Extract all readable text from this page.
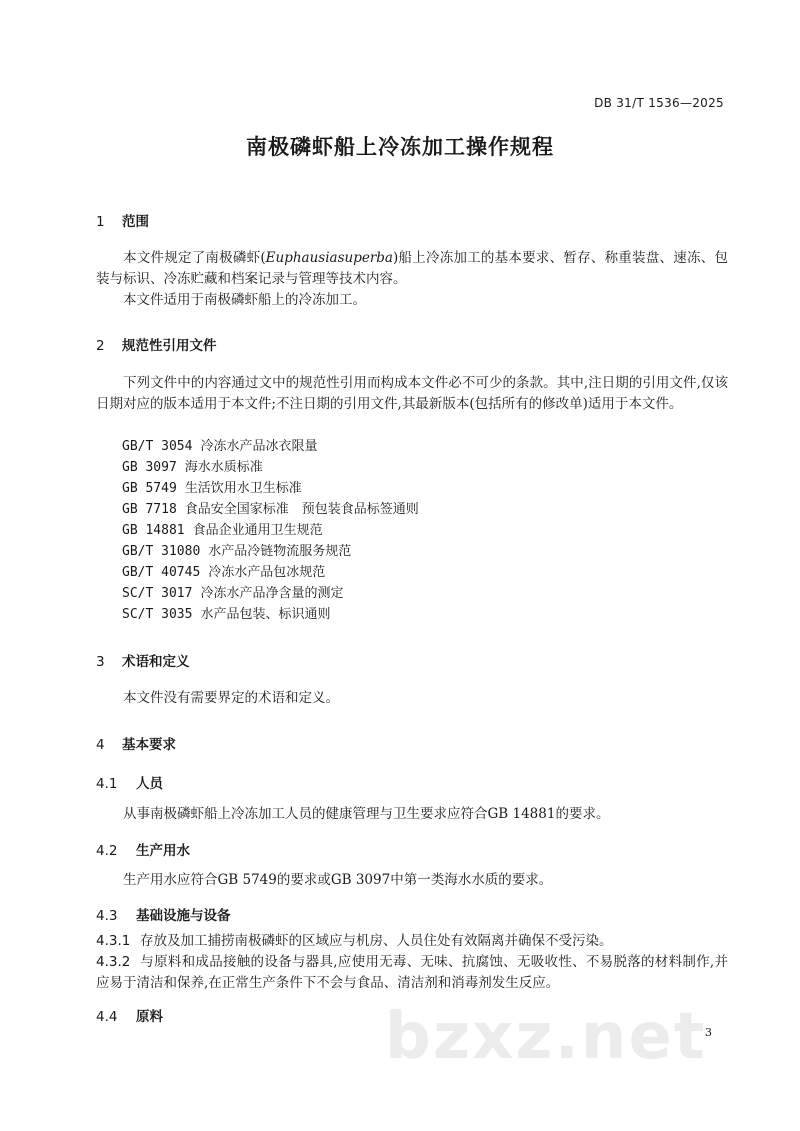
DB 31/T 1536—2025
南极磷虾船上冷冻加工操作规程
1 范围
本文件规定了南极磷虾(Euphausiasuperba)船上冷冻加工的基本要求、暂存、称重装盘、速冻、包装与标识、冷冻贮藏和档案记录与管理等技术内容。
本文件适用于南极磷虾船上的冷冻加工。
2 规范性引用文件
下列文件中的内容通过文中的规范性引用而构成本文件必不可少的条款。其中,注日期的引用文件,仅该日期对应的版本适用于本文件;不注日期的引用文件,其最新版本(包括所有的修改单)适用于本文件。
GB/T 3054 冷冻水产品冰衣限量
GB 3097 海水水质标准
GB 5749 生活饮用水卫生标准
GB 7718 食品安全国家标准　预包装食品标签通则
GB 14881 食品企业通用卫生规范
GB/T 31080 水产品冷链物流服务规范
GB/T 40745 冷冻水产品包冰规范
SC/T 3017 冷冻水产品净含量的测定
SC/T 3035 水产品包装、标识通则
3 术语和定义
本文件没有需要界定的术语和定义。
4 基本要求
4.1 人员
从事南极磷虾船上冷冻加工人员的健康管理与卫生要求应符合GB 14881的要求。
4.2 生产用水
生产用水应符合GB 5749的要求或GB 3097中第一类海水水质的要求。
4.3 基础设施与设备
4.3.1 存放及加工捕捞南极磷虾的区域应与机房、人员住处有效隔离并确保不受污染。
4.3.2 与原料和成品接触的设备与器具,应使用无毒、无味、抗腐蚀、无吸收性、不易脱落的材料制作,并应易于清洁和保养,在正常生产条件下不会与食品、清洁剂和消毒剂发生反应。
4.4 原料	bzxz.net
3
